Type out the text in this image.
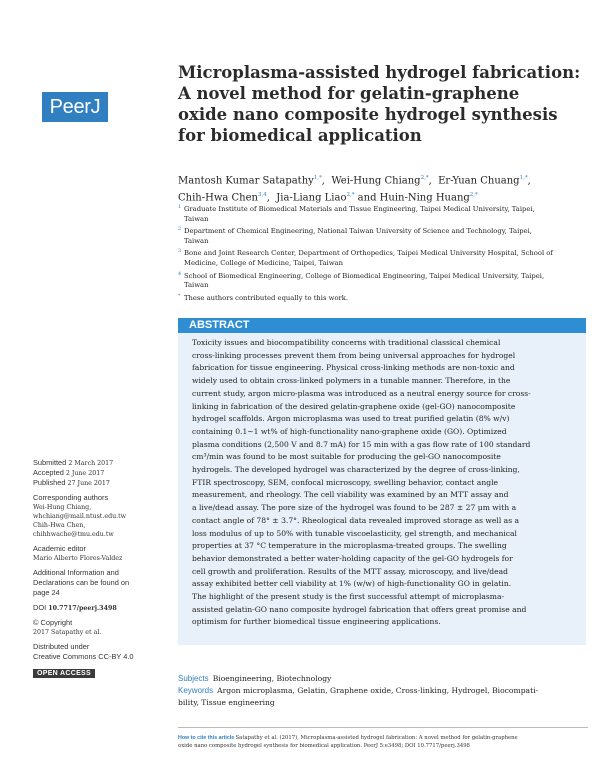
PeerJ
Microplasma-assisted hydrogel fabrication:
A novel method for gelatin-graphene
oxide nano composite hydrogel synthesis
for biomedical application
Mantosh Kumar Satapathy$^{1,*}$,  Wei-Hung Chiang$^{2,*}$,  Er-Yuan Chuang$^{1,*}$,
Chih-Hwa Chen$^{3,4}$,  Jia-Liang Liao$^{2,*}$ and Huin-Ning Huang$^{2,*}$
1 Graduate Institute of Biomedical Materials and Tissue Engineering, Taipei Medical University, Taipei,
Taiwan
2 Department of Chemical Engineering, National Taiwan University of Science and Technology, Taipei,
Taiwan
3 Bone and Joint Research Center, Department of Orthopedics, Taipei Medical University Hospital, School of
Medicine, College of Medicine, Taipei, Taiwan
4 School of Biomedical Engineering, College of Biomedical Engineering, Taipei Medical University, Taipei,
Taiwan
* These authors contributed equally to this work.
ABSTRACT
Toxicity issues and biocompatibility concerns with traditional classical chemical
cross-linking processes prevent them from being universal approaches for hydrogel
fabrication for tissue engineering. Physical cross-linking methods are non-toxic and
widely used to obtain cross-linked polymers in a tunable manner. Therefore, in the
current study, argon micro-plasma was introduced as a neutral energy source for cross-
linking in fabrication of the desired gelatin-graphene oxide (gel-GO) nanocomposite
hydrogel scaffolds. Argon microplasma was used to treat purified gelatin (8% w/v)
containing 0.1∼1 wt% of high-functionality nano-graphene oxide (GO). Optimized
plasma conditions (2,500 V and 8.7 mA) for 15 min with a gas flow rate of 100 standard
cm³/min was found to be most suitable for producing the gel-GO nanocomposite
hydrogels. The developed hydrogel was characterized by the degree of cross-linking,
FTIR spectroscopy, SEM, confocal microscopy, swelling behavior, contact angle
measurement, and rheology. The cell viability was examined by an MTT assay and
a live/dead assay. The pore size of the hydrogel was found to be 287 ± 27 μm with a
contact angle of 78° ± 3.7°. Rheological data revealed improved storage as well as a
loss modulus of up to 50% with tunable viscoelasticity, gel strength, and mechanical
properties at 37 °C temperature in the microplasma-treated groups. The swelling
behavior demonstrated a better water-holding capacity of the gel-GO hydrogels for
cell growth and proliferation. Results of the MTT assay, microscopy, and live/dead
assay exhibited better cell viability at 1% (w/w) of high-functionality GO in gelatin.
The highlight of the present study is the first successful attempt of microplasma-
assisted gelatin-GO nano composite hydrogel fabrication that offers great promise and
optimism for further biomedical tissue engineering applications.
Submitted 2 March 2017
Accepted 2 June 2017
Published 27 June 2017
Corresponding authors
Wei-Hung Chiang,
whchiang@mail.ntust.edu.tw
Chih-Hwa Chen,
chihhwache@tmu.edu.tw
Academic editor
Mario Alberto Flores-Valdez
Additional Information and
Declarations can be found on
page 24
DOI 10.7717/peerj.3498
© Copyright
2017 Satapathy et al.
Distributed under
Creative Commons CC-BY 4.0
OPEN ACCESS
Subjects Bioengineering, Biotechnology
Keywords Argon microplasma, Gelatin, Graphene oxide, Cross-linking, Hydrogel, Biocompati-
bility, Tissue engineering
How to cite this article Satapathy et al. (2017), Microplasma-assisted hydrogel fabrication: A novel method for gelatin-graphene
oxide nano composite hydrogel synthesis for biomedical application. PeerJ 5:e3498; DOI 10.7717/peerj.3498
